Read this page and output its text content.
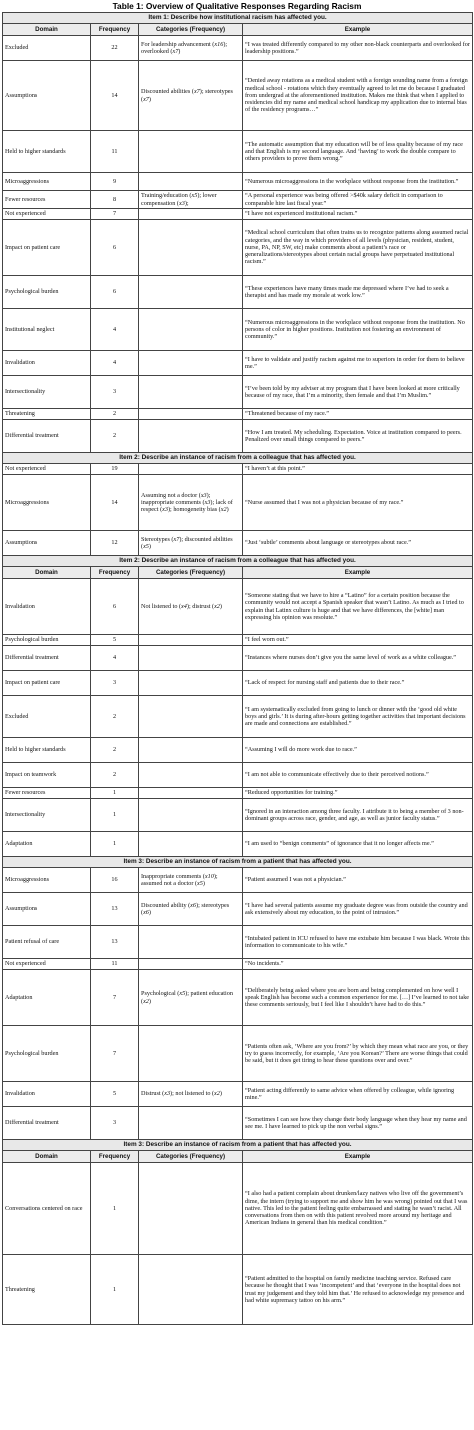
Table 1: Overview of Qualitative Responses Regarding Racism
Item 1: Describe how institutional racism has affected you.			
Domain	Frequency	Categories (Frequency)	Example
Excluded	22	For leadership advancement (x16); overlooked (x7)	“I was treated differently compared to my other non-black counterparts and overlooked for leadership positions.”
Assumptions	14	Discounted abilities (x7); stereotypes (x7)	“Denied away rotations as a medical student with a foreign sounding name from a foreign medical school - rotations which they eventually agreed to let me do because I graduated from undergrad at the aforementioned institution. Makes me think that when I applied to residencies did my name and medical school handicap my application due to internal bias of the residency programs…”
Held to higher standards	11		“The automatic assumption that my education will be of less quality because of my race and that English is my second language. And ‘having’ to work the double compare to others providers to prove them wrong.”
Microaggressions	9		“Numerous microaggressions in the workplace without response from the institution.”
Fewer resources	8	Training/education (x5); lower compensation (x3);	“A personal experience was being offered >$40k salary deficit in comparison to comparable hire last fiscal year.”
Not experienced	7		“I have not experienced institutional racism.”
Impact on patient care	6		“Medical school curriculum that often trains us to recognize patterns along assumed racial categories, and the way in which providers of all levels (physician, resident, student, nurse, PA, NP, SW, etc) make comments about a patient’s race or generalizations/stereotypes about certain racial groups have perpetuated institutional racism.”
Psychological burden	6		“These experiences have many times made me depressed where I’ve had to seek a therapist and has made my morale at work low.”
Institutional neglect	4		“Numerous microaggressions in the workplace without response from the institution. No persons of color in higher positions. Institution not fostering an environment of community.”
Invalidation	4		“I have to validate and justify racism against me to superiors in order for them to believe me.”
Intersectionality	3		“I’ve been told by my adviser at my program that I have been looked at more critically because of my race, that I’m a minority, then female and that I’m Muslim.”
Threatening	2		“Threatened because of my race.”
Differential treatment	2		“How I am treated. My scheduling. Expectation. Voice at institution compared to peers. Penalized over small things compared to peers.”
Item 2: Describe an instance of racism from a colleague that has affected you.			
Not experienced	19		“I haven’t at this point.”
Microaggressions	14	Assuming not a doctor (x3); inappropriate comments (x3); lack of respect (x3); homogeneity bias (x2)	“Nurse assumed that I was not a physician because of my race.”
Assumptions	12	Stereotypes (x7); discounted abilities (x5)	“Just ‘subtle’ comments about language or stereotypes about race.”
Item 2: Describe an instance of racism from a colleague that has affected you.			
Domain	Frequency	Categories (Frequency)	Example
Invalidation	6	Not listened to (x4); distrust (x2)	“Someone stating that we have to hire a “Latino” for a certain position because the community would not accept a Spanish speaker that wasn’t Latino. As much as I tried to explain that Latinx culture is huge and that we have differences, the [white] man expressing his opinion was resolute.”
Psychological burden	5		“I feel worn out.”
Differential treatment	4		“Instances where nurses don’t give you the same level of work as a white colleague.”
Impact on patient care	3		“Lack of respect for nursing staff and patients due to their race.”
Excluded	2		“I am systematically excluded from going to lunch or dinner with the ‘good old white boys and girls.’ It is during after-hours getting together activities that important decisions are made and connections are established.”
Held to higher standards	2		“Assuming I will do more work due to race.”
Impact on teamwork	2		“I am not able to communicate effectively due to their perceived notions.”
Fewer resources	1		“Reduced opportunities for training.”
Intersectionality	1		“Ignored in an interaction among three faculty. I attribute it to being a member of 3 non-dominant groups across race, gender, and age, as well as junior faculty status.”
Adaptation	1		“I am used to “benign comments” of ignorance that it no longer affects me.”
Item 3: Describe an instance of racism from a patient that has affected you.			
Microaggressions	16	Inappropriate comments (x10); assumed not a doctor (x5)	“Patient assumed I was not a physician.”
Assumptions	13	Discounted ability (x6); stereotypes (x6)	“I have had several patients assume my graduate degree was from outside the country and ask extensively about my education, to the point of intrusion.”
Patient refusal of care	13		“Intubated patient in ICU refused to have me extubate him because I was black. Wrote this information to communicate to his wife.”
Not experienced	11		“No incidents.”
Adaptation	7	Psychological (x5); patient education (x2)	“Deliberately being asked where you are born and being complemented on how well I speak English has become such a common experience for me. […] I’ve learned to not take these comments seriously, but I feel like I shouldn’t have had to do this.”
Psychological burden	7		“Patients often ask, ‘Where are you from?’ by which they mean what race are you, or they try to guess incorrectly, for example, ‘Are you Korean?’ There are worse things that could be said, but it does get tiring to hear these questions over and over.”
Invalidation	5	Distrust (x3); not listened to (x2)	“Patient acting differently to same advice when offered by colleague, while ignoring mine.”
Differential treatment	3		“Sometimes I can see how they change their body language when they hear my name and see me. I have learned to pick up the non verbal signs.”
Item 3: Describe an instance of racism from a patient that has affected you.			
Domain	Frequency	Categories (Frequency)	Example
Conversations centered on race	1		“I also had a patient complain about drunken/lazy natives who live off the government’s dime, the intern (trying to support me and show him he was wrong) pointed out that I was native. This led to the patient feeling quite embarrassed and stating he wasn’t racist. All conversations from then on with this patient revolved more around my heritage and American Indians in general than his medical condition.”
Threatening	1		“Patient admitted to the hospital on family medicine teaching service. Refused care because he thought that I was ‘incompetent’ and that ‘everyone in the hospital does not trust my judgement and they told him that.’ He refused to acknowledge my presence and had white supremacy tattoo on his arm.”
